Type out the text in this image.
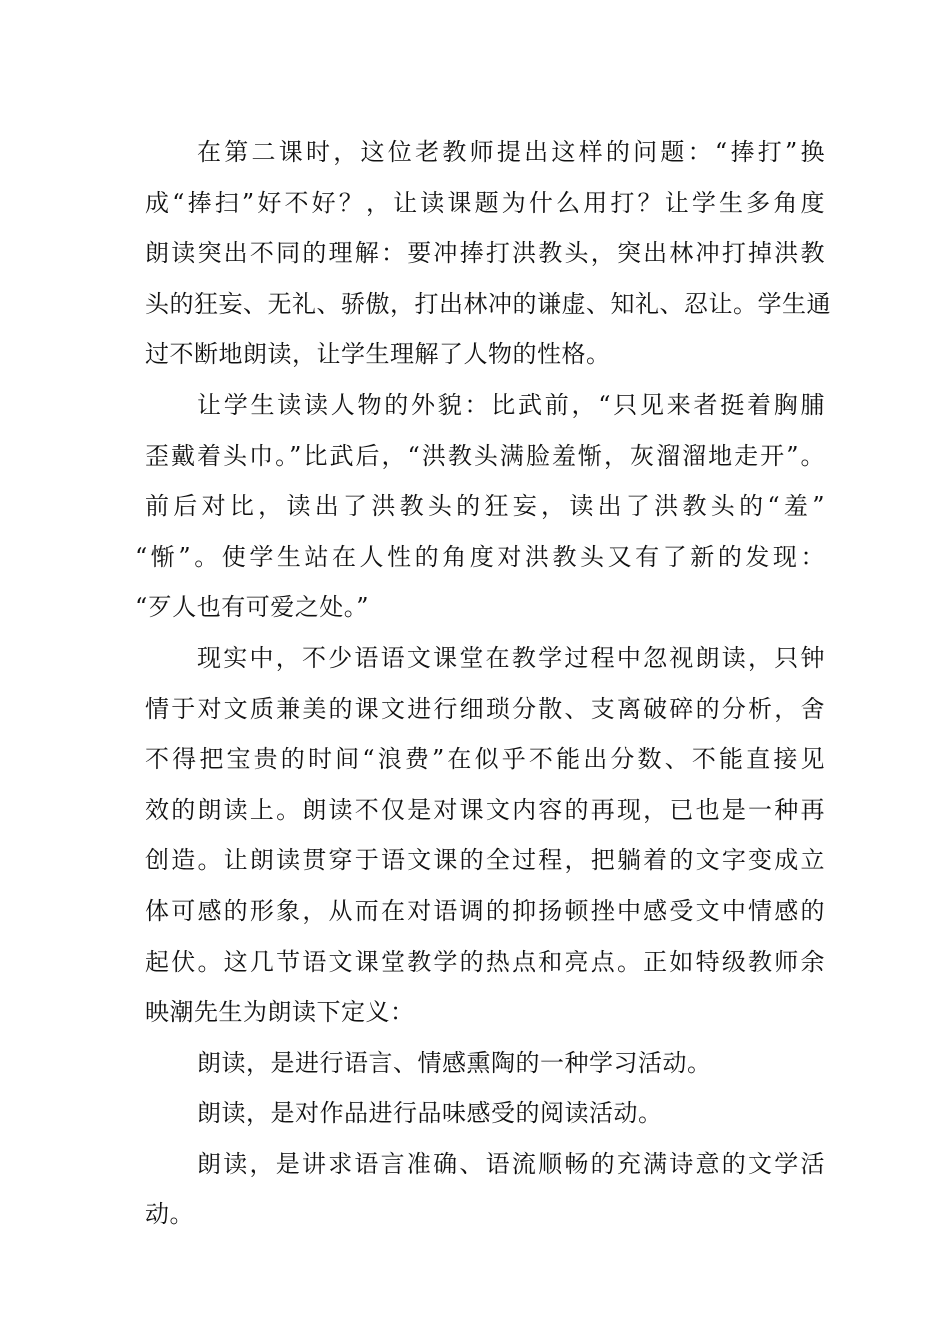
在第二课时，这位老教师提出这样的问题：“捧打”换
成“捧扫”好不好？，让读课题为什么用打？让学生多角度
朗读突出不同的理解：要冲捧打洪教头，突出林冲打掉洪教
头的狂妄、无礼、骄傲，打出林冲的谦虚、知礼、忍让。学生通
过不断地朗读，让学生理解了人物的性格。
让学生读读人物的外貌：比武前，“只见来者挺着胸脯
歪戴着头巾。”比武后，“洪教头满脸羞惭，灰溜溜地走开”。
前后对比，读出了洪教头的狂妄，读出了洪教头的“羞”
“惭”。使学生站在人性的角度对洪教头又有了新的发现：
“歹人也有可爱之处。”
现实中，不少语语文课堂在教学过程中忽视朗读，只钟
情于对文质兼美的课文进行细琐分散、支离破碎的分析，舍
不得把宝贵的时间“浪费”在似乎不能出分数、不能直接见
效的朗读上。朗读不仅是对课文内容的再现，已也是一种再
创造。让朗读贯穿于语文课的全过程，把躺着的文字变成立
体可感的形象，从而在对语调的抑扬顿挫中感受文中情感的
起伏。这几节语文课堂教学的热点和亮点。正如特级教师余
映潮先生为朗读下定义：
朗读，是进行语言、情感熏陶的一种学习活动。
朗读，是对作品进行品味感受的阅读活动。
朗读，是讲求语言准确、语流顺畅的充满诗意的文学活
动。
